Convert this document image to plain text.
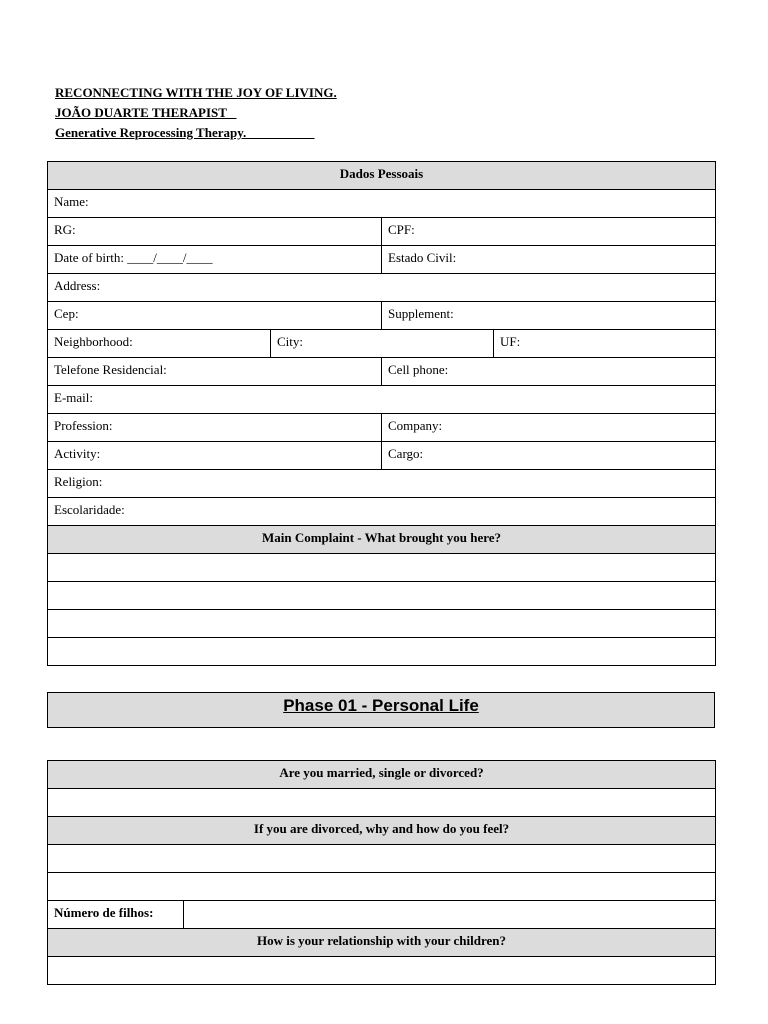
RECONNECTING WITH THE JOY OF LIVING.
JOÃO DUARTE THERAPIST
Generative Reprocessing Therapy.
Dados Pessoais			
Name:			
RG:		CPF:	
Date of birth: ____/____/____		Estado Civil:	
Address:			
Cep:		Supplement:	
Neighborhood:	City:		UF:
Telefone Residencial:		Cell phone:	
E-mail:			
Profession:		Company:	
Activity:		Cargo:	
Religion:			
Escolaridade:			
Main Complaint - What brought you here?			

Phase 01 - Personal Life
Are you married, single or divorced?

If you are divorced, why and how do you feel?

Número de filhos:	
How is your relationship with your children?
